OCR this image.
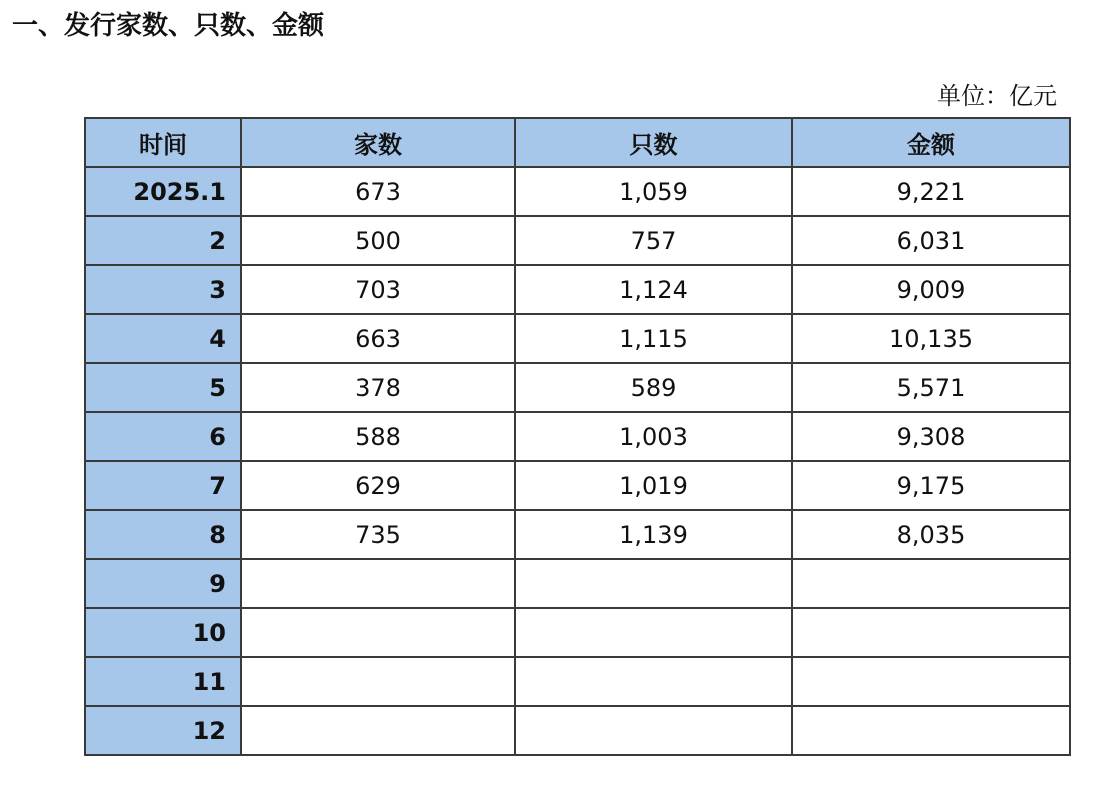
一、发行家数、只数、金额
单位：亿元
时间	家数	只数	金额
2025.1	673	1,059	9,221
2	500	757	6,031
3	703	1,124	9,009
4	663	1,115	10,135
5	378	589	5,571
6	588	1,003	9,308
7	629	1,019	9,175
8	735	1,139	8,035
9			
10			
11			
12			
